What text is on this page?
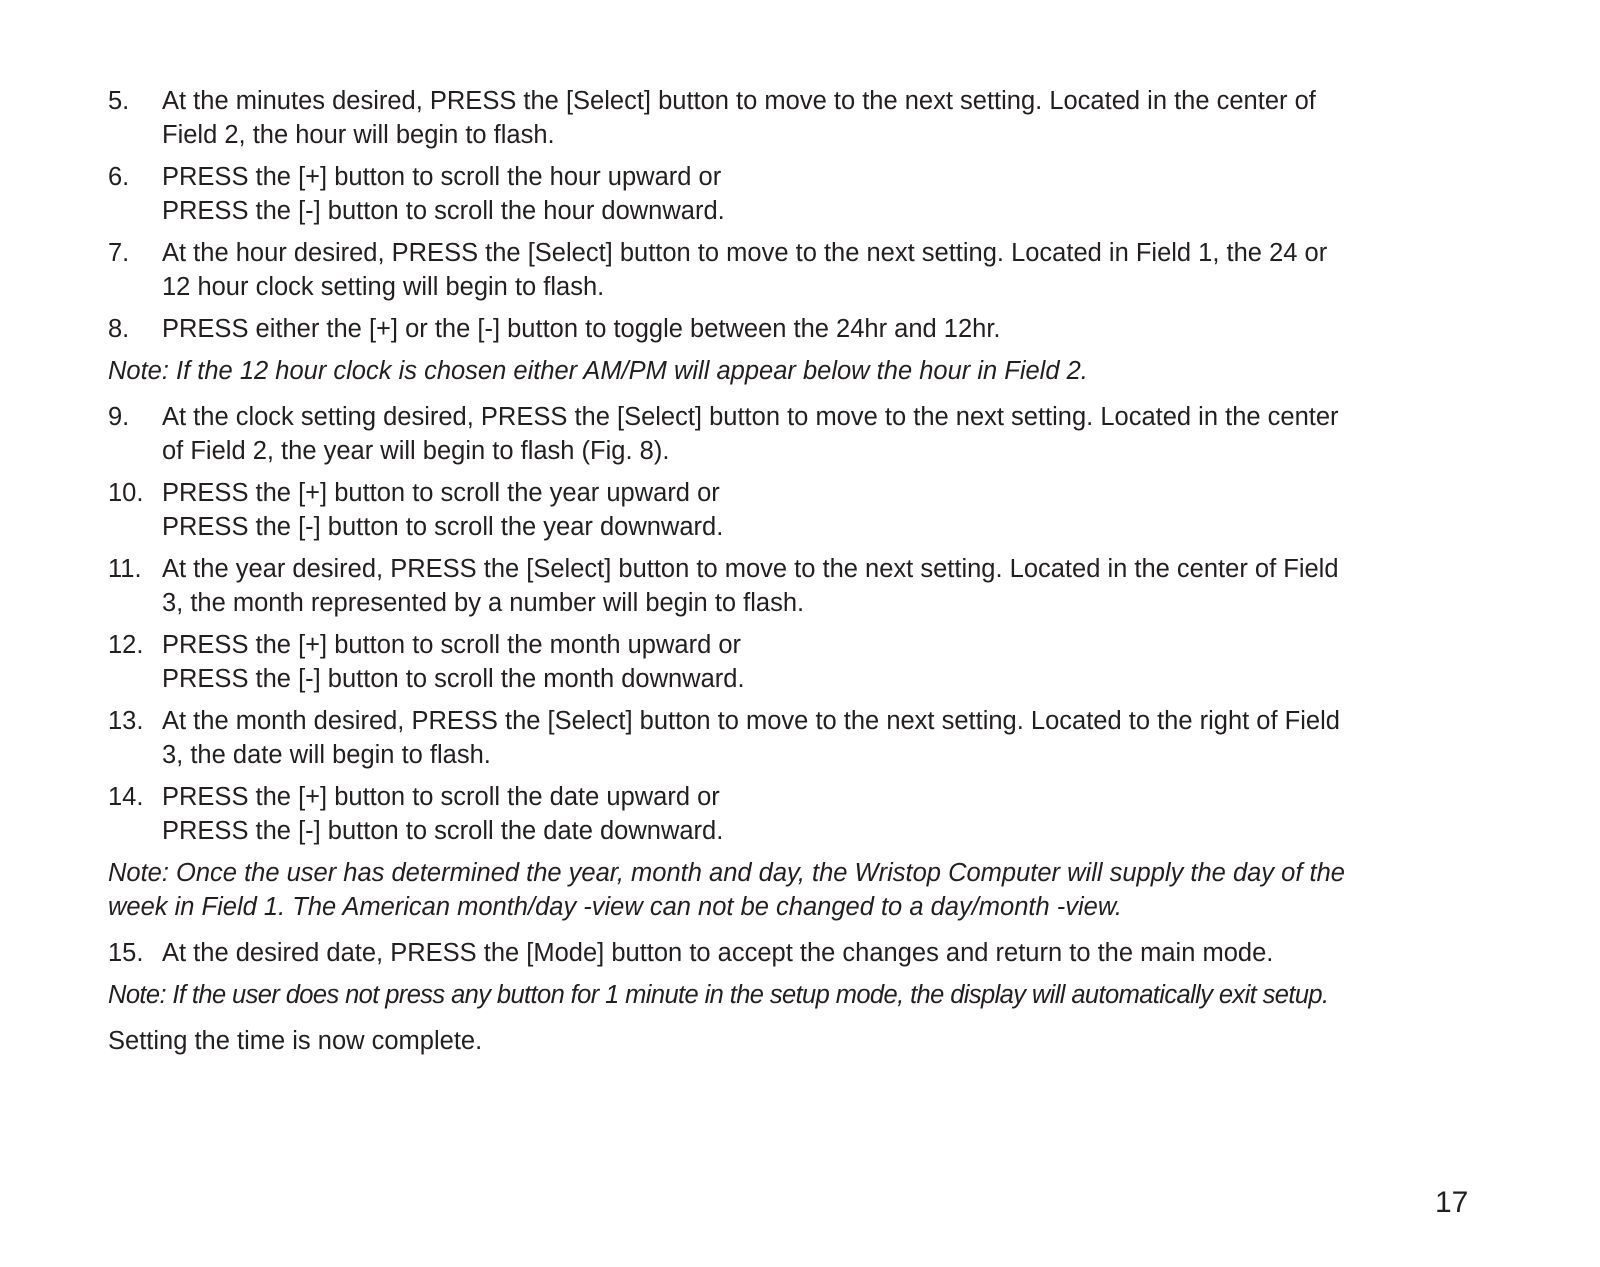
5.	At the minutes desired, PRESS the [Select] button to move to the next setting. Located in the center of
Field 2, the hour will begin to flash.
6.	PRESS the [+] button to scroll the hour upward or
PRESS the [-] button to scroll the hour downward.
7.	At the hour desired, PRESS the [Select] button to move to the next setting. Located in Field 1, the 24 or
12 hour clock setting will begin to flash.
8.	PRESS either the [+] or the [-] button to toggle between the 24hr and 12hr.
Note: If the 12 hour clock is chosen either AM/PM will appear below the hour in Field 2.
9.	At the clock setting desired, PRESS the [Select] button to move to the next setting. Located in the center
of Field 2, the year will begin to flash (Fig. 8).
10. PRESS the [+] button to scroll the year upward or
PRESS the [-] button to scroll the year downward.
11. At the year desired, PRESS the [Select] button to move to the next setting. Located in the center of Field
3, the month represented by a number will begin to flash.
12. PRESS the [+] button to scroll the month upward or
PRESS the [-] button to scroll the month downward.
13. At the month desired, PRESS the [Select] button to move to the next setting. Located to the right of Field
3, the date will begin to flash.
14. PRESS the [+] button to scroll the date upward or
PRESS the [-] button to scroll the date downward.
Note: Once the user has determined the year, month and day, the Wristop Computer will supply the day of the
week in Field 1. The American month/day -view can not be changed to a day/month -view.
15. At the desired date, PRESS the [Mode] button to accept the changes and return to the main mode.
Note: If the user does not press any button for 1 minute in the setup mode, the display will automatically exit setup.
Setting the time is now complete.
17
